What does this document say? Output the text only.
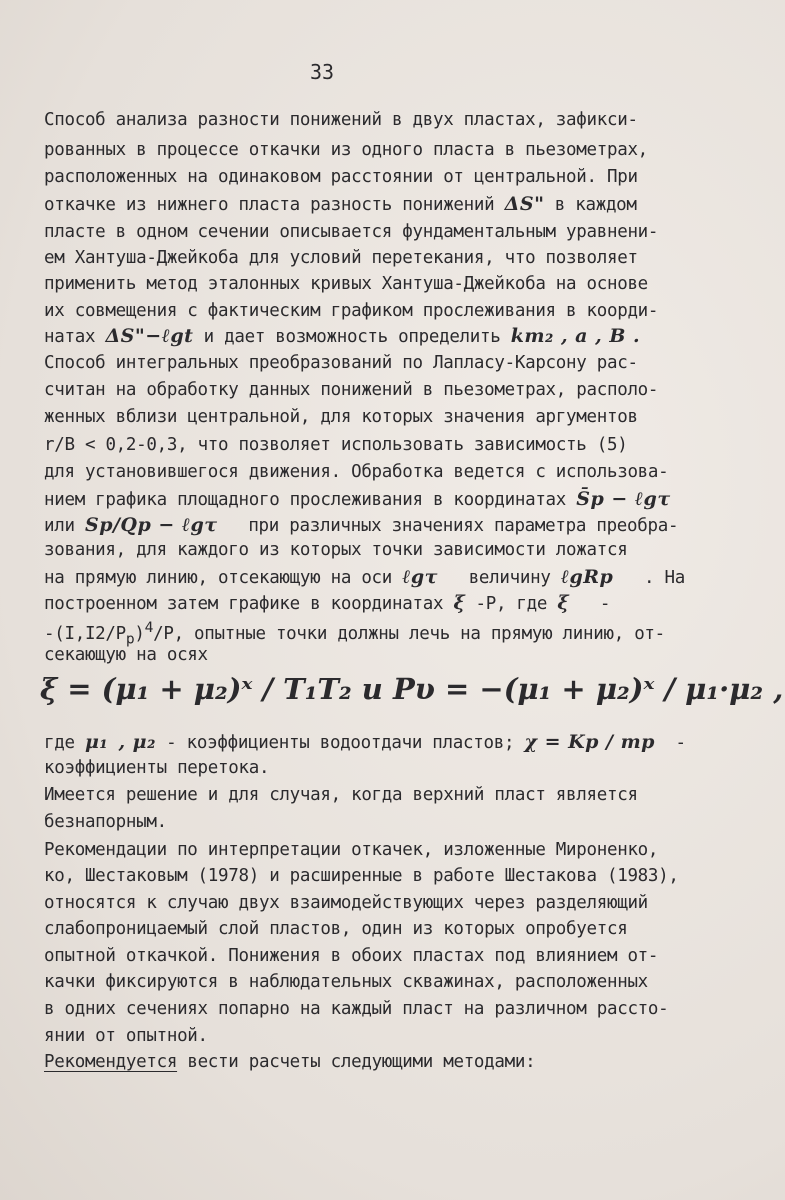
33
Способ анализа разности понижений в двух пластах, зафикси-
рованных в процессе откачки из одного пласта в пьезометрах,
расположенных на одинаковом расстоянии от центральной. При
откачке из нижнего пласта разность понижений ΔS" в каждом
пласте в одном сечении описывается фундаментальным уравнени-
ем Хантуша-Джейкоба для условий перетекания, что позволяет
применить метод эталонных кривых Хантуша-Джейкоба на основе
их совмещения с фактическим графиком прослеживания в коорди-
натах ΔS"−ℓgt и дает возможность определить km₂ , a , B .
Способ интегральных преобразований по Лапласу-Карсону рас-
считан на обработку данных понижений в пьезометрах, располо-
женных вблизи центральной, для которых значения аргументов
r/B < 0,2-0,3, что позволяет использовать зависимость (5)
для установившегося движения. Обработка ведется с использова-
нием графика площадного прослеживания в координатах S̄p − ℓgτ
или Sp/Qp − ℓgτ при различных значениях параметра преобра-
зования, для каждого из которых точки зависимости ложатся
на прямую линию, отсекающую на оси ℓgτ величину ℓgRp . На
построенном затем графике в координатах ξ -P, где ξ -
$-(I,I2/P_p)^4/P$, опытные точки должны лечь на прямую линию, от-
секающую на осях
ξ = (μ₁ + μ₂)ˣ / T₁T₂ и Pυ = −(μ₁ + μ₂)ˣ / μ₁·μ₂ ,
где μ₁ , μ₂ - коэффициенты водоотдачи пластов; χ = Kp / mp -
коэффициенты перетока.
Имеется решение и для случая, когда верхний пласт является
безнапорным.
Рекомендации по интерпретации откачек, изложенные Мироненко,
ко, Шестаковым (1978) и расширенные в работе Шестакова (1983),
относятся к случаю двух взаимодействующих через разделяющий
слабопроницаемый слой пластов, один из которых опробуется
опытной откачкой. Понижения в обоих пластах под влиянием от-
качки фиксируются в наблюдательных скважинах, расположенных
в одних сечениях попарно на каждый пласт на различном рассто-
янии от опытной.
Рекомендуется вести расчеты следующими методами:
